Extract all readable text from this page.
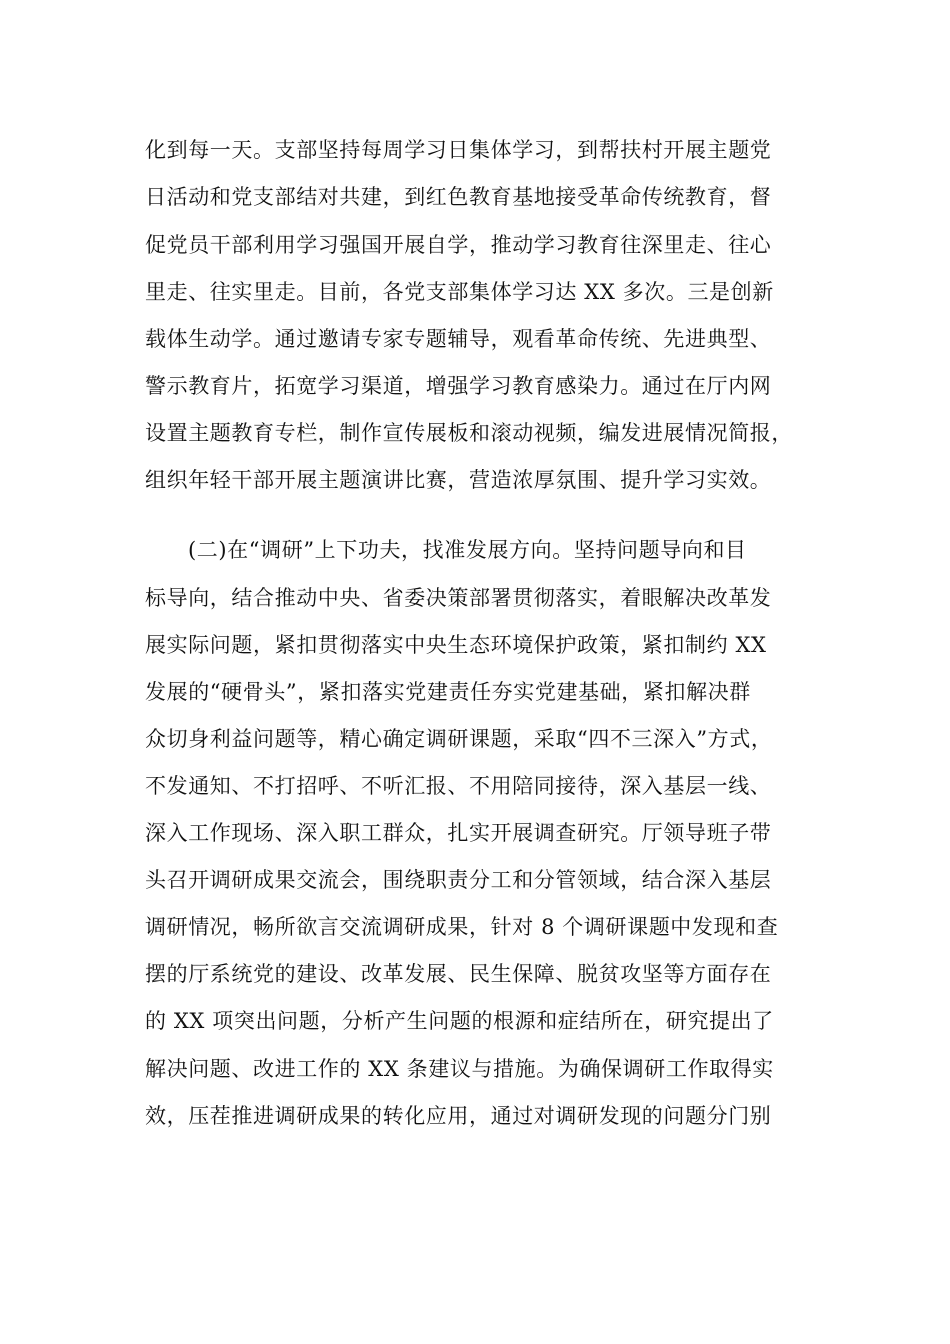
化到每一天。支部坚持每周学习日集体学习，到帮扶村开展主题党
日活动和党支部结对共建，到红色教育基地接受革命传统教育，督
促党员干部利用学习强国开展自学，推动学习教育往深里走、往心
里走、往实里走。目前，各党支部集体学习达 XX 多次。三是创新
载体生动学。通过邀请专家专题辅导，观看革命传统、先进典型、
警示教育片，拓宽学习渠道，增强学习教育感染力。通过在厅内网
设置主题教育专栏，制作宣传展板和滚动视频，编发进展情况简报，
组织年轻干部开展主题演讲比赛，营造浓厚氛围、提升学习实效。
(二)在“调研”上下功夫，找准发展方向。坚持问题导向和目
标导向，结合推动中央、省委决策部署贯彻落实，着眼解决改革发
展实际问题，紧扣贯彻落实中央生态环境保护政策，紧扣制约 XX
发展的“硬骨头”，紧扣落实党建责任夯实党建基础，紧扣解决群
众切身利益问题等，精心确定调研课题，采取“四不三深入”方式，
不发通知、不打招呼、不听汇报、不用陪同接待，深入基层一线、
深入工作现场、深入职工群众，扎实开展调查研究。厅领导班子带
头召开调研成果交流会，围绕职责分工和分管领域，结合深入基层
调研情况，畅所欲言交流调研成果，针对 8 个调研课题中发现和查
摆的厅系统党的建设、改革发展、民生保障、脱贫攻坚等方面存在
的 XX 项突出问题，分析产生问题的根源和症结所在，研究提出了
解决问题、改进工作的 XX 条建议与措施。为确保调研工作取得实
效，压茬推进调研成果的转化应用，通过对调研发现的问题分门别
